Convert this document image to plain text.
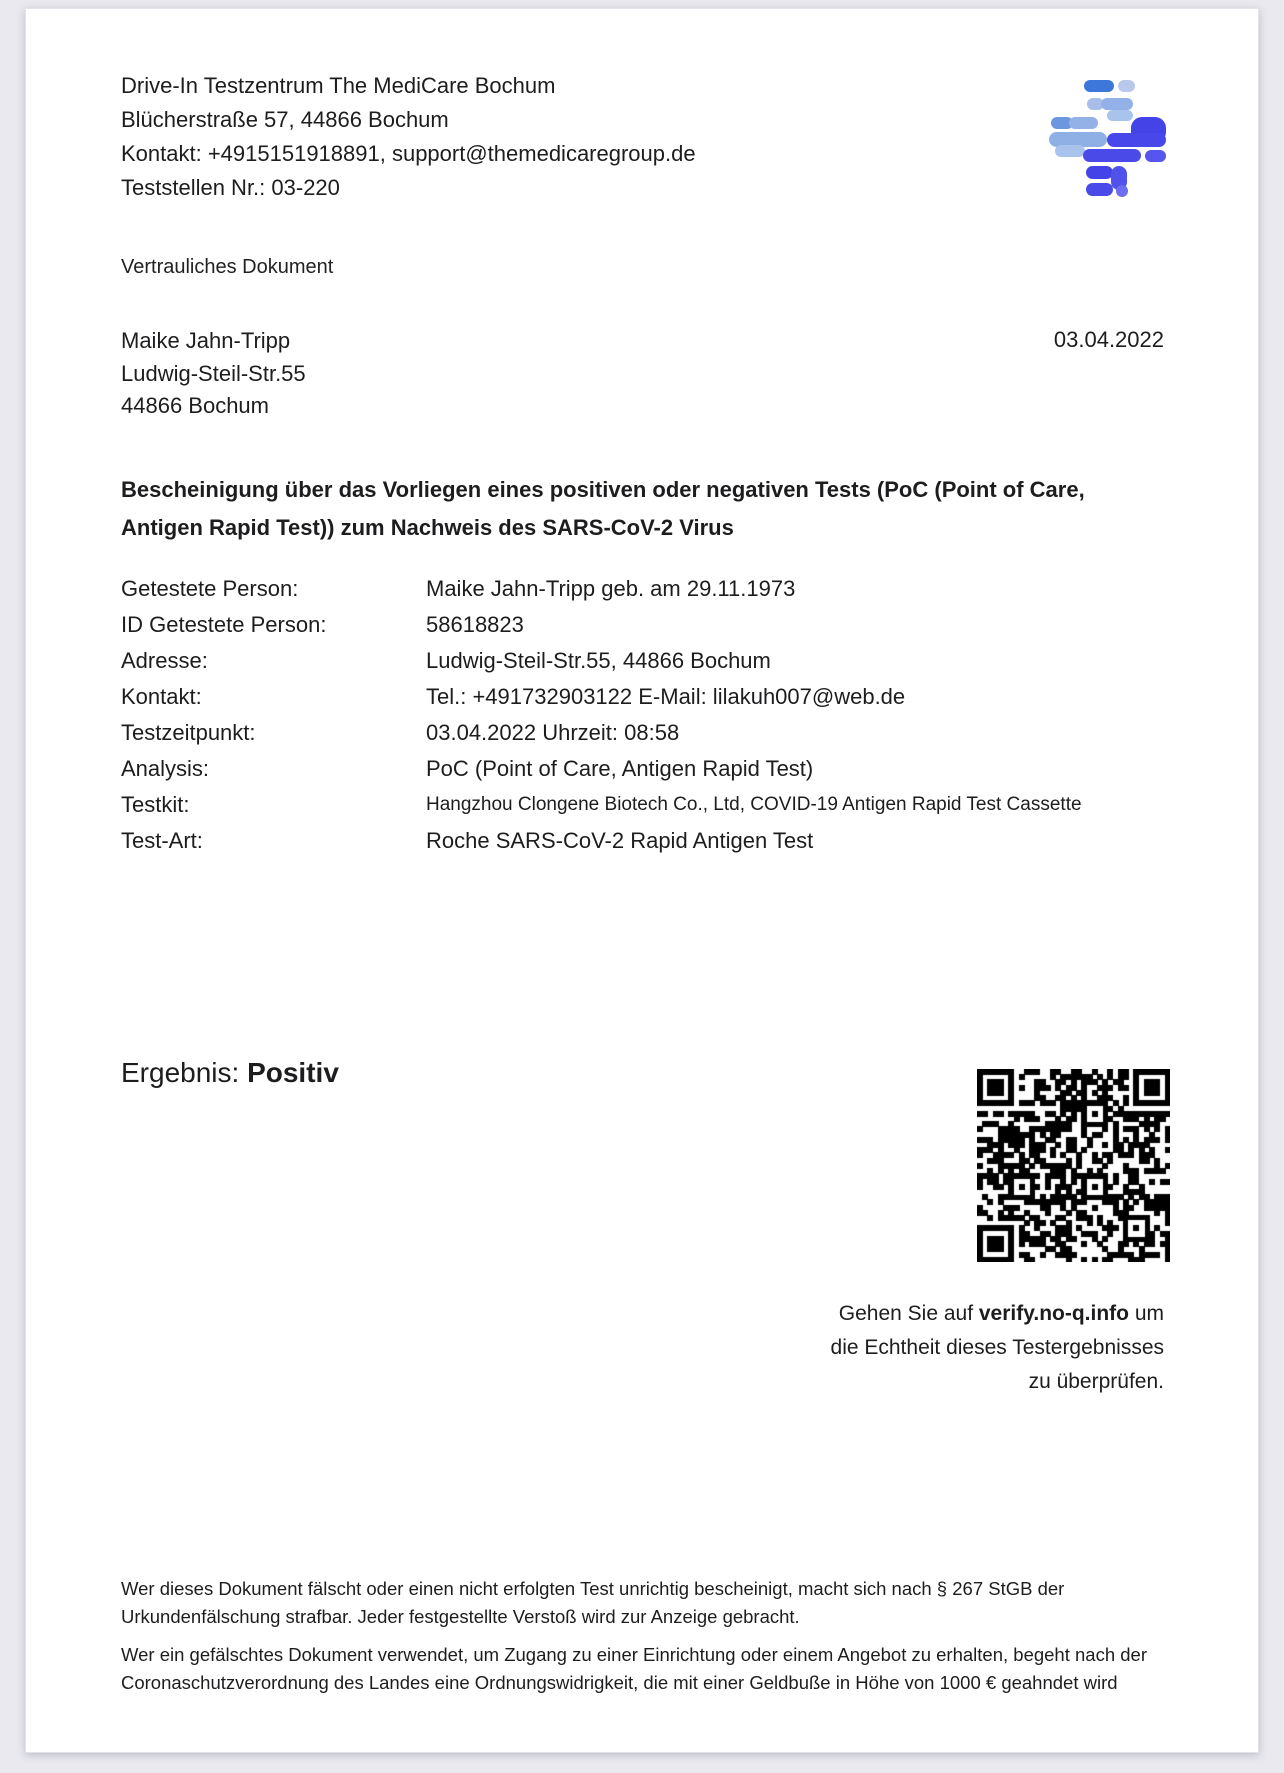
Drive-In Testzentrum The MediCare Bochum
Blücherstraße 57, 44866 Bochum
Kontakt: +4915151918891, support@themedicaregroup.de
Teststellen Nr.: 03-220
Vertrauliches Dokument
Maike Jahn-Tripp
Ludwig-Steil-Str.55
44866 Bochum
03.04.2022
Bescheinigung über das Vorliegen eines positiven oder negativen Tests (PoC (Point of Care, Antigen Rapid Test)) zum Nachweis des SARS-CoV-2 Virus
Getestete Person:	Maike Jahn-Tripp geb. am 29.11.1973
ID Getestete Person:	58618823
Adresse:	Ludwig-Steil-Str.55, 44866 Bochum
Kontakt:	Tel.: +491732903122 E-Mail: lilakuh007@web.de
Testzeitpunkt:	03.04.2022 Uhrzeit: 08:58
Analysis:	PoC (Point of Care, Antigen Rapid Test)
Testkit:	Hangzhou Clongene Biotech Co., Ltd, COVID-19 Antigen Rapid Test Cassette
Test-Art:	Roche SARS-CoV-2 Rapid Antigen Test
Ergebnis: Positiv
Gehen Sie auf verify.no-q.info um
die Echtheit dieses Testergebnisses
zu überprüfen.

Wer dieses Dokument fälscht oder einen nicht erfolgten Test unrichtig bescheinigt, macht sich nach § 267 StGB der Urkundenfälschung strafbar. Jeder festgestellte Verstoß wird zur Anzeige gebracht.

Wer ein gefälschtes Dokument verwendet, um Zugang zu einer Einrichtung oder einem Angebot zu erhalten, begeht nach der Coronaschutzverordnung des Landes eine Ordnungswidrigkeit, die mit einer Geldbuße in Höhe von 1000 € geahndet wird
